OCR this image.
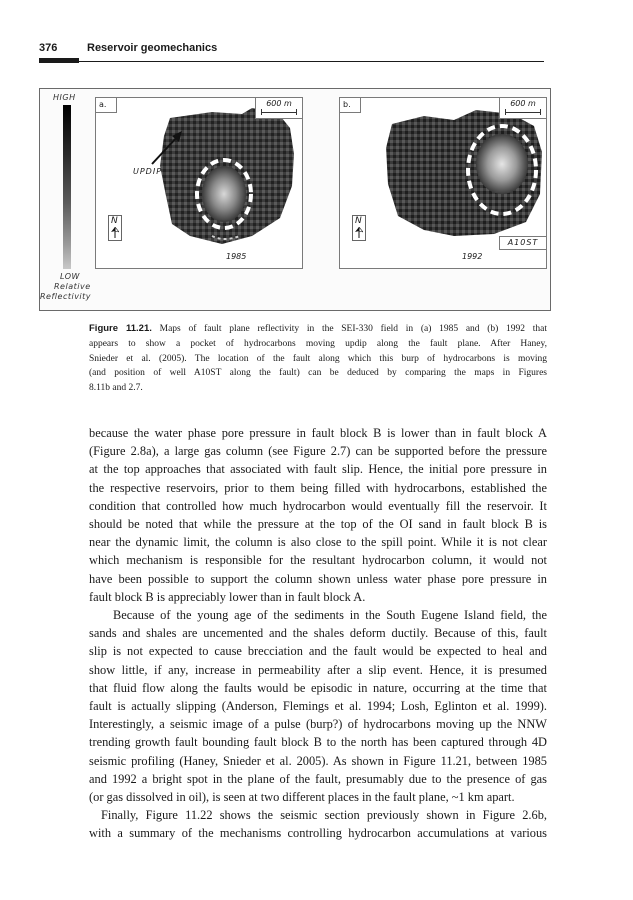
376	Reservoir geomechanics
HIGH
LOW
Relative
Reflectivity
UPDIP
a.	600 m
N
1985
b.	600 m
N
A10ST
1992
Figure 11.21. Maps of fault plane reflectivity in the SEI-330 field in (a) 1985 and (b) 1992 that
appears to show a pocket of hydrocarbons moving updip along the fault plane. After Haney,
Snieder et al. (2005). The location of the fault along which this burp of hydrocarbons is moving
(and position of well A10ST along the fault) can be deduced by comparing the maps in Figures
8.11b and 2.7.
because the water phase pore pressure in fault block B is lower than in fault block A
(Figure 2.8a), a large gas column (see Figure 2.7) can be supported before the pressure
at the top approaches that associated with fault slip. Hence, the initial pore pressure in
the respective reservoirs, prior to them being filled with hydrocarbons, established the
condition that controlled how much hydrocarbon would eventually fill the reservoir. It
should be noted that while the pressure at the top of the OI sand in fault block B is
near the dynamic limit, the column is also close to the spill point. While it is not clear
which mechanism is responsible for the resultant hydrocarbon column, it would not
have been possible to support the column shown unless water phase pore pressure in
fault block B is appreciably lower than in fault block A.
Because of the young age of the sediments in the South Eugene Island field, the
sands and shales are uncemented and the shales deform ductily. Because of this, fault
slip is not expected to cause brecciation and the fault would be expected to heal and
show little, if any, increase in permeability after a slip event. Hence, it is presumed
that fluid flow along the faults would be episodic in nature, occurring at the time that
fault is actually slipping (Anderson, Flemings et al. 1994; Losh, Eglinton et al. 1999).
Interestingly, a seismic image of a pulse (burp?) of hydrocarbons moving up the NNW
trending growth fault bounding fault block B to the north has been captured through 4D
seismic profiling (Haney, Snieder et al. 2005). As shown in Figure 11.21, between 1985
and 1992 a bright spot in the plane of the fault, presumably due to the presence of gas
(or gas dissolved in oil), is seen at two different places in the fault plane, ~1 km apart.
Finally, Figure 11.22 shows the seismic section previously shown in Figure 2.6b,
with a summary of the mechanisms controlling hydrocarbon accumulations at various
